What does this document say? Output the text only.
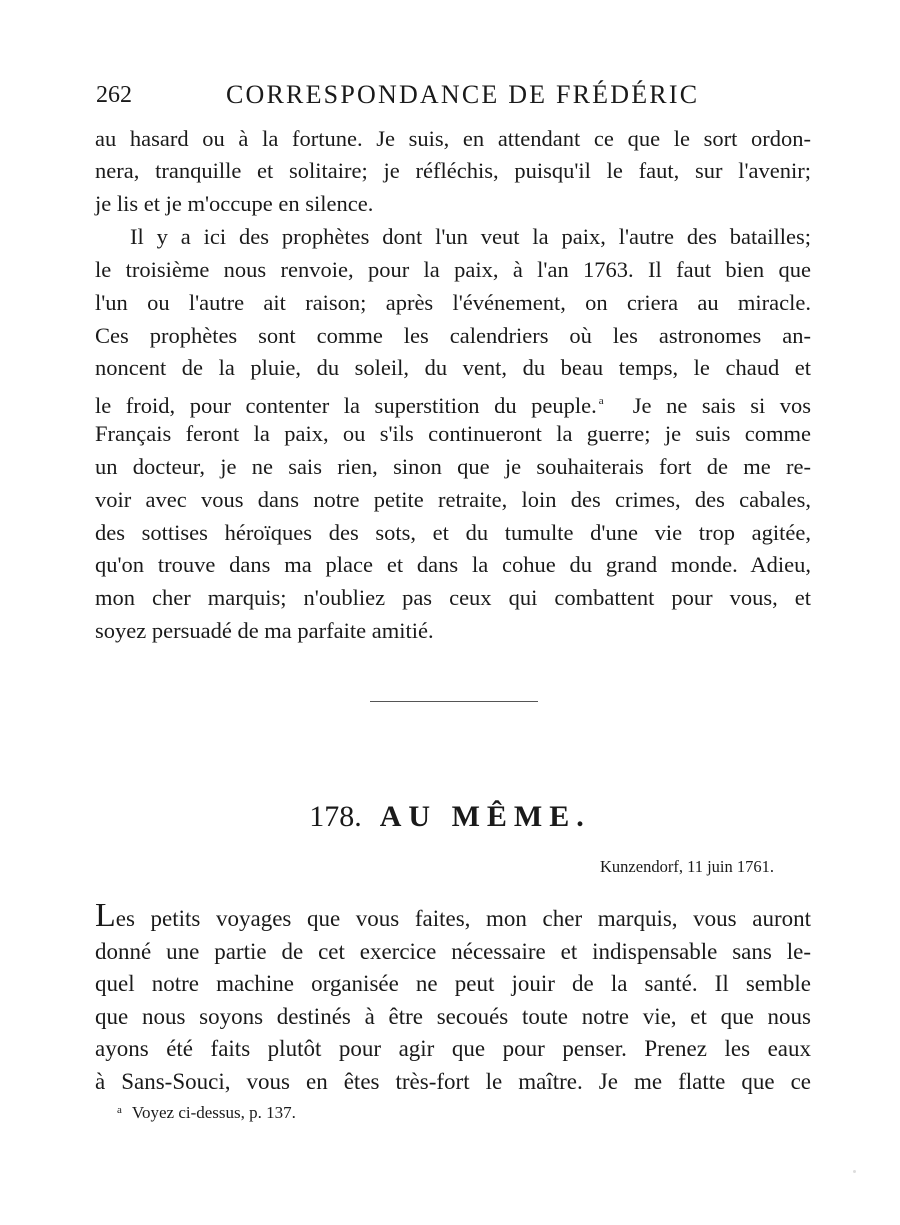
262	CORRESPONDANCE DE FRÉDÉRIC
au hasard ou à la fortune. Je suis, en attendant ce que le sort ordon-
nera, tranquille et solitaire; je réfléchis, puisqu'il le faut, sur l'avenir;
je lis et je m'occupe en silence.
Il y a ici des prophètes dont l'un veut la paix, l'autre des batailles;
le troisième nous renvoie, pour la paix, à l'an 1763. Il faut bien que
l'un ou l'autre ait raison; après l'événement, on criera au miracle.
Ces prophètes sont comme les calendriers où les astronomes an-
noncent de la pluie, du soleil, du vent, du beau temps, le chaud et
le froid, pour contenter la superstition du peuple. $^a$ Je ne sais si vos
Français feront la paix, ou s'ils continueront la guerre; je suis comme
un docteur, je ne sais rien, sinon que je souhaiterais fort de me re-
voir avec vous dans notre petite retraite, loin des crimes, des cabales,
des sottises héroïques des sots, et du tumulte d'une vie trop agitée,
qu'on trouve dans ma place et dans la cohue du grand monde. Adieu,
mon cher marquis; n'oubliez pas ceux qui combattent pour vous, et
soyez persuadé de ma parfaite amitié.
178. AU MÊME.
Kunzendorf, 11 juin 1761.
Les petits voyages que vous faites, mon cher marquis, vous auront
donné une partie de cet exercice nécessaire et indispensable sans le-
quel notre machine organisée ne peut jouir de la santé. Il semble
que nous soyons destinés à être secoués toute notre vie, et que nous
ayons été faits plutôt pour agir que pour penser. Prenez les eaux
à Sans-Souci, vous en êtes très-fort le maître. Je me flatte que ce
$^a$ Voyez ci-dessus, p. 137.
